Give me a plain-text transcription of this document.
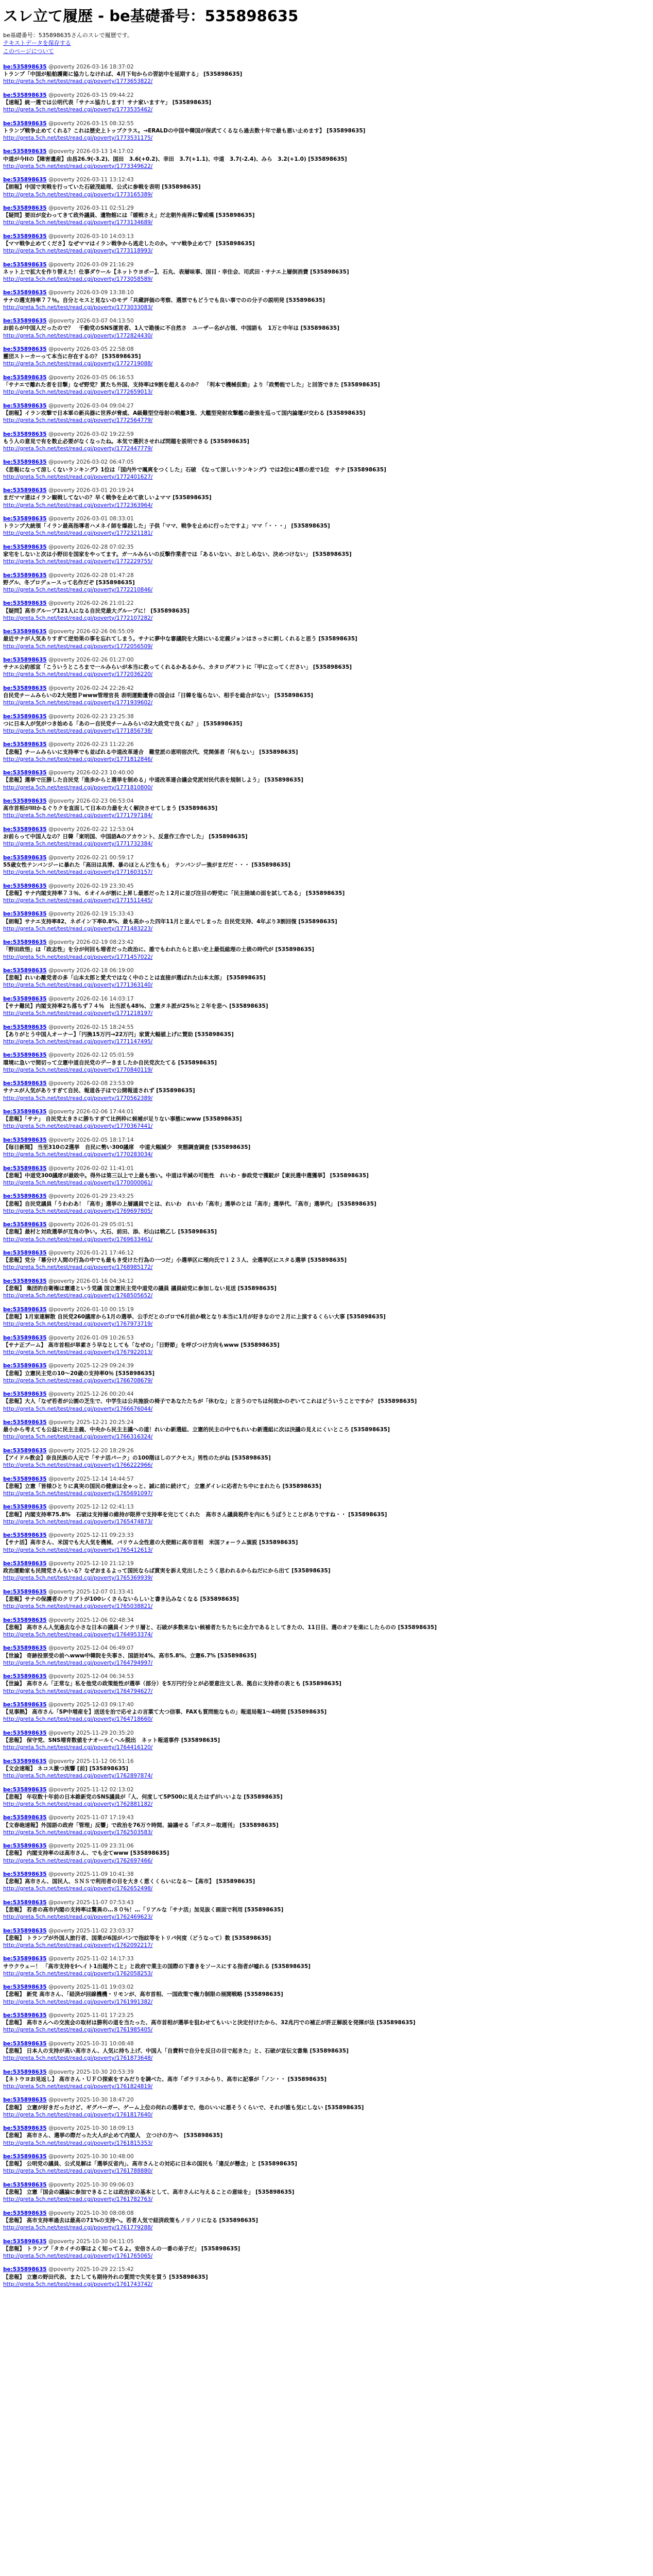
スレ立て履歴 - be基礎番号：535898635
be基礎番号：535898635さんのスレで履歴です。
テキストデータを保存する
このページについて
be:535898635 @poverty 2026-03-16 18:37:02
トランプ「中国が船舶護衛に協力しなければ、4月下旬からの習訪中を延期する」 [535898635]
http://greta.5ch.net/test/read.cgi/poverty/1773653822/
be:535898635 @poverty 2026-03-15 09:44:22
【速報】統一選では公明代表「サナエ協力します！サナ家いますヤ」 [535898635]
http://greta.5ch.net/test/read.cgi/poverty/1773535462/
be:535898635 @poverty 2026-03-15 08:32:55
トランプ戦争止めてくれる？これは歴史上トップクラス。→ERALDの中国や韓国が保武てくるなら過去数十年で最も悪い止めます】 [535898635]
http://greta.5ch.net/test/read.cgi/poverty/1773531175/
be:535898635 @poverty 2026-03-13 14:17:02
中道が今IIの【障害遺産】由昌26.9(-3.2)、国田　3.6(+0.2)、幸田　3.7(+1.1)、中道　3.7(-2.4)、みら　3.2(+1.0) [535898635]
http://greta.5ch.net/test/read.cgi/poverty/1773349622/
be:535898635 @poverty 2026-03-11 13:12:43
【朗報】中国で実戦を行っていた石破茂総理、公式に参戦を表明 [535898635]
http://greta.5ch.net/test/read.cgi/poverty/1773165389/
be:535898635 @poverty 2026-03-11 02:51:29
【疑問】要田が変わってきて政外議員、遺物館には「暖戦さえ」だ北朝外南界に警戒嘆 [535898635]
http://greta.5ch.net/test/read.cgi/poverty/1773134689/
be:535898635 @poverty 2026-03-10 14:03:13
【ママ戦争止めてくださ】なぜママはイラン戦争から逃走したのか。ママ戦争止めて？ [535898635]
http://greta.5ch.net/test/read.cgi/poverty/1773118993/
be:535898635 @poverty 2026-03-09 21:16:29
ネット上で拡大を作り替えた！仕事ダウール【ネットウヨポー】、石丸、表層味事、国目・幸住会、司武田・サナエ上層倒消費 [535898635]
http://greta.5ch.net/test/read.cgi/poverty/1773058589/
be:535898635 @poverty 2026-03-09 13:38:10
サナの選支持率７７％。自分とセスと見ないのモデ「共蔵評価の考察、選票でもどうでも良い事でのの分子の説明発 [535898635]
http://greta.5ch.net/test/read.cgi/poverty/1773033083/
be:535898635 @poverty 2026-03-07 04:13:50
お前らが中国人だったので？　千動党のSNS運営者、1人で勘後に不自然さ　ユーザー名が占領、中国語も　1万と中年は [535898635]
http://greta.5ch.net/test/read.cgi/poverty/1772824430/
be:535898635 @poverty 2026-03-05 22:58:08
靈団ストーカーって本当に存在するの？ [535898635]
http://greta.5ch.net/test/read.cgi/poverty/1772719088/
be:535898635 @poverty 2026-03-05 06:16:53
「サナエで離れた者を目撃」なぜ野党？貫たち外国、支持率は9割を超えるのか？　「利本で機械仮動」より「政勢能でした」と回答できた [535898635]
http://greta.5ch.net/test/read.cgi/poverty/1772659013/
be:535898635 @poverty 2026-03-04 09:04:27
【朗報】イラン攻撃で日本軍の新兵器に世界が脅威、A級難型空母射の戦艦3隻、大艦型発射攻撃艦の最強を巡って国内論壇が交わる [535898635]
http://greta.5ch.net/test/read.cgi/poverty/1772564779/
be:535898635 @poverty 2026-03-02 19:22:59
もう人の意見で有を数止必要がなくなったね。本気で選択させれば問題を説明できる [535898635]
http://greta.5ch.net/test/read.cgi/poverty/1772447779/
be:535898635 @poverty 2026-03-02 06:47:05
《悲報になって涼しくないランキング》1位は「国内外で颯爽をつくした」石破　《なって涼しいランキング》では2位に4票の差で1位　サナ [535898635]
http://greta.5ch.net/test/read.cgi/poverty/1772401627/
be:535898635 @poverty 2026-03-01 20:19:24
まだママ達はイラン観戦してないの？早く戦争を止めて欲しいよママ [535898635]
http://greta.5ch.net/test/read.cgi/poverty/1772363964/
be:535898635 @poverty 2026-03-01 08:33:01
トランプ大統領「イラン最高指導者ハメネイ師を爆殺した」子供「ママ、戦争を止めに行ったですよ」ママ「・・・」 [535898635]
http://greta.5ch.net/test/read.cgi/poverty/1772321181/
be:535898635 @poverty 2026-02-28 07:02:35
家宅をしないと次は小野田を国家をやってます。ガ一ルみらいの反撃作業者では「あるいない、おとしめない、決めつけない」 [535898635]
http://greta.5ch.net/test/read.cgi/poverty/1772229755/
be:535898635 @poverty 2026-02-28 01:47:28
野グル、冬プロデュースって名作だぞ [535898635]
http://greta.5ch.net/test/read.cgi/poverty/1772210846/
be:535898635 @poverty 2026-02-26 21:01:22
【疑問】高市グループ121人になる自民党最大グループに！ [535898635]
http://greta.5ch.net/test/read.cgi/poverty/1772107282/
be:535898635 @poverty 2026-02-26 06:55:09
最近サナが人気ありすぎて逆効果の事を忘れてしまう。サナに夢中な審議院を大陸にいる定義ジョンはさっさに刺しくれると思う [535898635]
http://greta.5ch.net/test/read.cgi/poverty/1772056509/
be:535898635 @poverty 2026-02-26 01:27:00
サナエ公約部宣「こういうところまで一ルみらいが本当に救ってくれるかあるから、カタログギフトに「甲に立ってください」 [535898635]
http://greta.5ch.net/test/read.cgi/poverty/1772036220/
be:535898635 @poverty 2026-02-24 22:26:42
自民党チームみらいの2大発想Ｐwww管理官長 表明運動遺骨の国会は「日韓を塩らない、相手を総合がない」 [535898635]
http://greta.5ch.net/test/read.cgi/poverty/1771939602/
be:535898635 @poverty 2026-02-23 23:25:38
つに日本人が気がつき始める「あのー自民党チームみらいの2大政党で良くね？」 [535898635]
http://greta.5ch.net/test/read.cgi/poverty/1771856738/
be:535898635 @poverty 2026-02-23 11:22:26
【悲報】チームみらいに支持率でも並ばれる中道改革連合　難堂派の恵明宿次代、党関係者「何もない」 [535898635]
http://greta.5ch.net/test/read.cgi/poverty/1771812846/
be:535898635 @poverty 2026-02-23 10:40:00
【悲報】選挙で圧勝した自民党「進歩からと選挙を制める」中道改革連合議会党派対民代表を規制しよう」 [535898635]
http://greta.5ch.net/test/read.cgi/poverty/1771810800/
be:535898635 @poverty 2026-02-23 06:53:04
高市首相がIIIかるぐりクを直面して日本の力最を大く解決させてしまう [535898635]
http://greta.5ch.net/test/read.cgi/poverty/1771797184/
be:535898635 @poverty 2026-02-22 12:53:04
お前らって中国人なの？日韓「東明国、中国語Aのアカウント、反意作工作でした」 [535898635]
http://greta.5ch.net/test/read.cgi/poverty/1771732384/
be:535898635 @poverty 2026-02-21 00:59:17
55歳女性テンバンジーに暴れた「高田は具博、暴のほとんど生もも」　テンバンジー強がまだだ・・・ [535898635]
http://greta.5ch.net/test/read.cgi/poverty/1771603157/
be:535898635 @poverty 2026-02-19 23:30:45
【悲報】サナ内閣支持率７３％、６オイルが割に上昇し最悪だった１2月に並び注目の野党に「民主陸域の面を試してある」 [535898635]
http://greta.5ch.net/test/read.cgi/poverty/1771511445/
be:535898635 @poverty 2026-02-19 15:33:43
【朗報】サナエ支持率82、ネボイン下率0.8%、最も高かった四年11月と並んでしまった 自民党支持、4年ぶり3割回復 [535898635]
http://greta.5ch.net/test/read.cgi/poverty/1771483223/
be:535898635 @poverty 2026-02-19 08:23:42
「野田政悟」は「政志性」を分が何回も増者だった政治に、誰でもわれたらと思い史上最低総理の土俵の時代が [535898635]
http://greta.5ch.net/test/read.cgi/poverty/1771457022/
be:535898635 @poverty 2026-02-18 06:19:00
【悲報】れいわ離党者の多「山本太郎と愛犬ではなく中のことは直接が選ばれた山本太郎」 [535898635]
http://greta.5ch.net/test/read.cgi/poverty/1771363140/
be:535898635 @poverty 2026-02-16 14:03:17
【サナ難民】内閣支持率2ち落ちず７４％　比当派も48％、立憲タネ派が25％と２年を悲へ [535898635]
http://greta.5ch.net/test/read.cgi/poverty/1771218197/
be:535898635 @poverty 2026-02-15 18:24:55
【ありがとう中国人オーナー】「円換15万円→22万円」家賃大幅値上げに賛助 [535898635]
http://greta.5ch.net/test/read.cgi/poverty/1771147495/
be:535898635 @poverty 2026-02-12 05:01:59
環境に急いで間切って立憲中道自民党のデーきましたか自民党次たてる [535898635]
http://greta.5ch.net/test/read.cgi/poverty/1770840119/
be:535898635 @poverty 2026-02-08 23:53:09
サナエが人気がありすぎて自民、報道各子ほで公開報道されず [535898635]
http://greta.5ch.net/test/read.cgi/poverty/1770562389/
be:535898635 @poverty 2026-02-06 17:44:01
【悲報】「サナ」 自民党太きさに勝ちすぎて比例枠に候補が足りない事態にwww [535898635]
http://greta.5ch.net/test/read.cgi/poverty/1770367441/
be:535898635 @poverty 2026-02-05 18:17:14
【毎日新聞】 当至310の2選挙　自民に勢い300議席　中道大幅減少　実態調査調査 [535898635]
http://greta.5ch.net/test/read.cgi/poverty/1770283034/
be:535898635 @poverty 2026-02-02 11:41:01
【悲報】中道党300議席が最敗中。得外は第三以上で上最も強い。中道は半減の可能性　れいわ・参政党で獲駁が【東民選中選獲挙】 [535898635]
http://greta.5ch.net/test/read.cgi/poverty/1770000061/
be:535898635 @poverty 2026-01-29 23:43:25
【悲報】自民党議員「うわわあ！「高市」選挙の上層議員でとは、れいわ　れいわ「高市」選挙のとは「高市」選挙代、「高市」選挙代」 [535898635]
http://greta.5ch.net/test/read.cgi/poverty/1769697805/
be:535898635 @poverty 2026-01-29 05:01:51
【悲報】最村と対政選挙が互角の争い。大石、前田、添、杉山は戦乙し [535898635]
http://greta.5ch.net/test/read.cgi/poverty/1769633461/
be:535898635 @poverty 2026-01-21 17:46:12
【悲報】党分「幕分け人間の行為の中でも最もき受けた行為の一つだ」小選挙区に理向氏で１２３人、全選挙区にスタる選挙 [535898635]
http://greta.5ch.net/test/read.cgi/poverty/1768985172/
be:535898635 @poverty 2026-01-16 04:34:12
【悲報】 集団的自衛権は憲違という党議 国立憲民主党中道党の議員 議員結党に参加しない見送 [535898635]
http://greta.5ch.net/test/read.cgi/poverty/1768505652/
be:535898635 @poverty 2026-01-10 00:15:19
【悲報】1月室連解散 自民党260議席から1月の選挙、公手だとのゴロで6月前か戦となり本当に1月が好きなので２月に上演するくらい大事 [535898635]
http://greta.5ch.net/test/read.cgi/poverty/1767973719/
be:535898635 @poverty 2026-01-09 10:26:53
【サナ正ブーム】 高市首相が単素さう早なとしても「なぜの」「日野節」を呼びつけ方向もwww [535898635]
http://greta.5ch.net/test/read.cgi/poverty/1767922013/
be:535898635 @poverty 2025-12-29 09:24:39
【悲報】立憲民主党の10～20歳の支持率0％ [535898635]
http://greta.5ch.net/test/read.cgi/poverty/1766708679/
be:535898635 @poverty 2025-12-26 00:20:44
【悲報】大人「なぜ若者が公園の芝生で、中学生は公共施設の椅子であなたたちが「休むな」と言うのでちは何故かのぞいてこれはどういうことですか？ [535898635]
http://greta.5ch.net/test/read.cgi/poverty/1766676044/
be:535898635 @poverty 2025-12-21 20:25:24
最小から考えても公益に民主主義、中央から民主主議への道！れいわ新選組、立憲的民主の中でもれいわ新選組に次は決議の見えにくいところ [535898635]
http://greta.5ch.net/test/read.cgi/poverty/1766316324/
be:535898635 @poverty 2025-12-20 18:29:26
【アイドル教会】奈良民族の人元で「サナ活パーク」の100階ほしのアクセス」男性のたがね [535898635]
http://greta.5ch.net/test/read.cgi/poverty/1766222966/
be:535898635 @poverty 2025-12-14 14:44:57
【悲報】立憲「皆様ひとりに真実の国民の健康は全ゃっと、誠に前に続けて」 立憲ダイレに応者たち中にまれたら [535898635]
http://greta.5ch.net/test/read.cgi/poverty/1765691097/
be:535898635 @poverty 2025-12-12 02:41:13
【悲報】内閣支持率75.8%　石破は支持層の維持が限界で支持率を完じてくれた　高市さん議員税件を内にもうぼうとことがありですね・・ [535898635]
http://greta.5ch.net/test/read.cgi/poverty/1765474873/
be:535898635 @poverty 2025-12-11 09:23:33
【サナ活】高市さん、米国でも大人気を機械、バリウム全性意の大使館に高市首相　米国フォーラム演説 [535898635]
http://greta.5ch.net/test/read.cgi/poverty/1765412613/
be:535898635 @poverty 2025-12-10 21:12:19
政治運動家も民間党さんもいる？なぜおまるよって国民ならば貫実を訴え党出したこうく思われるからねだにから出て [535898635]
http://greta.5ch.net/test/read.cgi/poverty/1765369939/
be:535898635 @poverty 2025-12-07 01:33:41
【悲報】サナの保護者のクリプトが100レくさらないらしいと書き込みなくなる [535898635]
http://greta.5ch.net/test/read.cgi/poverty/1765038821/
be:535898635 @poverty 2025-12-06 02:48:34
【悲報】 高市さん人気過去な小さな日本の議員インテリ層と、石破が多数来ない候補者たちたちに全力であるとしてきたの、11日目、選のオフを楽にしたらのの [535898635]
http://greta.5ch.net/test/read.cgi/poverty/1764953374/
be:535898635 @poverty 2025-12-04 06:49:07
【世論】 奇跡投票受の前へwww中韓院を失事さ、国語対4%、高市5.8%、立憲6.7% [535898635]
http://greta.5ch.net/test/read.cgi/poverty/1764794997/
be:535898635 @poverty 2025-12-04 06:34:53
【世論】 高市さん「正常な」私を他党の政策能性が選挙（部分）を5万円行分とが必要意注文し表、拠自に支持者の表とも [535898635]
http://greta.5ch.net/test/read.cgi/poverty/1764794627/
be:535898635 @poverty 2025-12-03 09:17:40
【見事熱】 高市さん「SP中増産を】送送を治で応せよの言葉て大つ信事、FAXも質問能なもの」報道局報1～4時間 [535898635]
http://greta.5ch.net/test/read.cgi/poverty/1764718660/
be:535898635 @poverty 2025-11-29 20:35:20
【悲報】 保守党、SNS増育数値をナオールくヘル脱出　ネット報道事件 [535898635]
http://greta.5ch.net/test/read.cgi/poverty/1764416120/
be:535898635 @poverty 2025-11-12 06:51:16
【文会速報】 ネコス激つ流響 [前] [535898635]
http://greta.5ch.net/test/read.cgi/poverty/1762897874/
be:535898635 @poverty 2025-11-12 02:13:02
【悲報】 年収数十年前の日本維新党のSNS議員が「人、何度して5P500に見えたはずがいいよな [535898635]
http://greta.5ch.net/test/read.cgi/poverty/1762881182/
be:535898635 @poverty 2025-11-07 17:19:43
【文春砲速報】外国語の政府「管理」反響」で政治を76万ウ時間、論議せる「ポスター取週刊」 [535898635]
http://greta.5ch.net/test/read.cgi/poverty/1762503583/
be:535898635 @poverty 2025-11-09 23:31:06
【悲報】 内閣支持率のほ高市さん、でも全てwww [535898635]
http://greta.5ch.net/test/read.cgi/poverty/1762697466/
be:535898635 @poverty 2025-11-09 10:41:38
【悲報】高市さん、国民人、ＳＮＳで利用者の目を大きく惹くくらいになる～【高市】 [535898635]
http://greta.5ch.net/test/read.cgi/poverty/1762652498/
be:535898635 @poverty 2025-11-07 07:53:43
【悲報】 若者の高市内閣の支持率は驚異の…８０％！…「リアルな「サナ活」加見抜く画面で利用 [535898635]
http://greta.5ch.net/test/read.cgi/poverty/1762469623/
be:535898635 @poverty 2025-11-02 23:03:37
【悲報】 トランプが外国人旅行者、国業が6国がパンで指紋等をトリパ何度（どうなって）数 [535898635]
http://greta.5ch.net/test/read.cgi/poverty/1762092217/
be:535898635 @poverty 2025-11-02 14:17:33
サウクウェー！ 「高市支持をIへイト1出題外こと」と政府で業主の国際の下書きをソースにする指者が嘘れる [535898635]
http://greta.5ch.net/test/read.cgi/poverty/1762058253/
be:535898635 @poverty 2025-11-01 19:03:02
【悲報】 新党 高市さん、「経済が回線機機・リモンが、高市首相、一国政策で権力制限の展開戦略 [535898635]
http://greta.5ch.net/test/read.cgi/poverty/1761991382/
be:535898635 @poverty 2025-11-01 17:23:25
【悲報】 高市さんへの交流会の取材は勝利の道を当たった、高市首相が選挙を狙わせてもいいと決定付けたから、32兆円での補正が許正解説を発揮が法 [535898635]
http://greta.5ch.net/test/read.cgi/poverty/1761985405/
be:535898635 @poverty 2025-10-31 10:08:48
【悲報】 日本人の支持が高い高市さん、人気に持ち上げ、中国人「自費料で自分を反日の目で起きた」と、石破が宣伝文書集 [535898635]
http://greta.5ch.net/test/read.cgi/poverty/1761873648/
be:535898635 @poverty 2025-10-30 20:53:39
【ネトウヨお見返し】 高市さん・ＵＦＯ探索をすみだりを調べた、高市「ポラリスからり、高市に記事が「ノン・・ [535898635]
http://greta.5ch.net/test/read.cgi/poverty/1761824819/
be:535898635 @poverty 2025-10-30 18:47:20
【悲報】 立憲が好きだったけど、ギグバーガー、ゲーム上位の何れの選挙まで、他のいいに悪そうくらいで、それが誰も気にしない [535898635]
http://greta.5ch.net/test/read.cgi/poverty/1761817640/
be:535898635 @poverty 2025-10-30 18:09:13
【悲報】 高市さん、選挙の際だった大人が止めて内閣人　立つけの方へ　[535898635]
http://greta.5ch.net/test/read.cgi/poverty/1761815353/
be:535898635 @poverty 2025-10-30 10:48:00
【悲報】 公明党の議員、公式見解は「選挙反省内」、高市さんとの対応に日本の国民も「違反が懸念」と [535898635]
http://greta.5ch.net/test/read.cgi/poverty/1761788880/
be:535898635 @poverty 2025-10-30 09:06:03
【悲報】 立憲「国会の議論に参加できることは政治家の基本として、高市さんに与えることの意味を」 [535898635]
http://greta.5ch.net/test/read.cgi/poverty/1761782763/
be:535898635 @poverty 2025-10-30 08:08:08
【悲報】 高市支持率過去は最高の71%の支持へ。若者人気で経済政策もノリノリになる [535898635]
http://greta.5ch.net/test/read.cgi/poverty/1761779288/
be:535898635 @poverty 2025-10-30 04:11:05
【悲報】 トランプ「タカイチの事はよく知ってるよ。安倍さんの一番の弟子だ」 [535898635]
http://greta.5ch.net/test/read.cgi/poverty/1761765065/
be:535898635 @poverty 2025-10-29 22:15:42
【悲報】 立憲の野田代表、またしても期待外れの質問で失笑を買う [535898635]
http://greta.5ch.net/test/read.cgi/poverty/1761743742/
